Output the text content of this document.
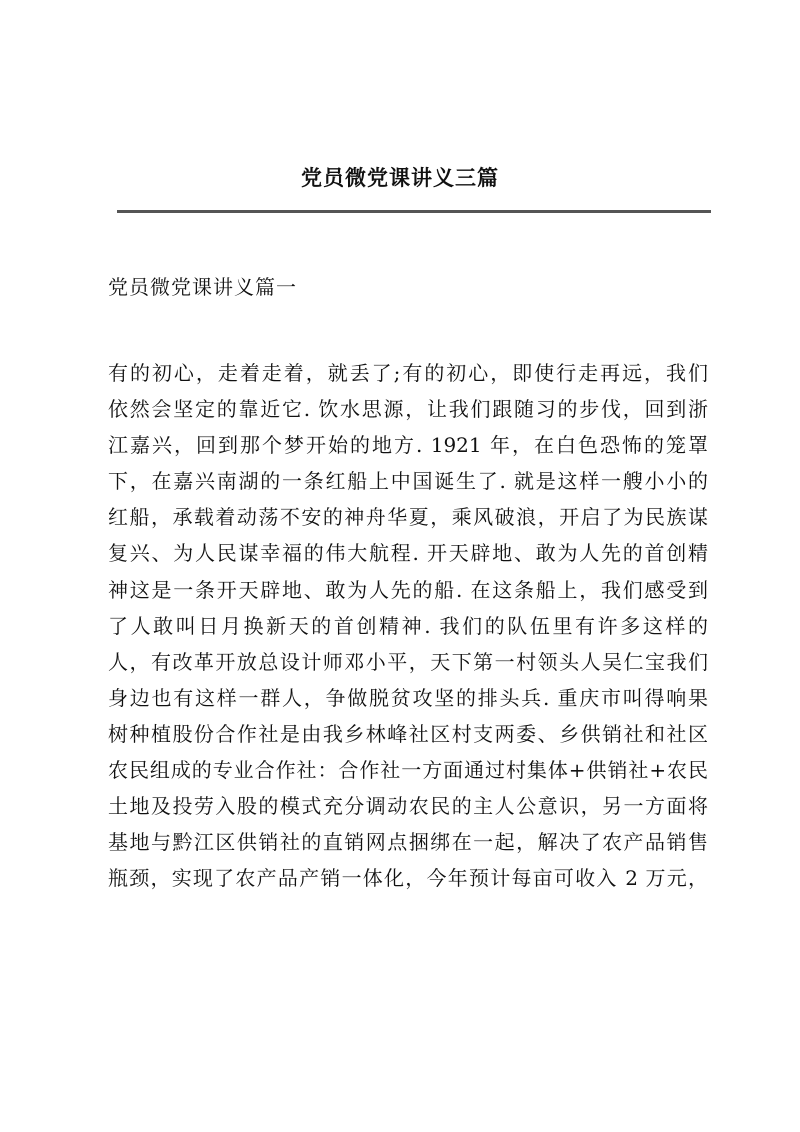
党员微党课讲义三篇
党员微党课讲义篇一
有的初心，走着走着，就丢了;有的初心，即使行走再远，我们
依然会坚定的靠近它. 饮水思源，让我们跟随习的步伐，回到浙
江嘉兴，回到那个梦开始的地方. 1921 年，在白色恐怖的笼罩
下，在嘉兴南湖的一条红船上中国诞生了. 就是这样一艘小小的
红船，承载着动荡不安的神舟华夏，乘风破浪，开启了为民族谋
复兴、为人民谋幸福的伟大航程. 开天辟地、敢为人先的首创精
神这是一条开天辟地、敢为人先的船. 在这条船上，我们感受到
了人敢叫日月换新天的首创精神. 我们的队伍里有许多这样的
人，有改革开放总设计师邓小平，天下第一村领头人吴仁宝我们
身边也有这样一群人，争做脱贫攻坚的排头兵. 重庆市叫得响果
树种植股份合作社是由我乡林峰社区村支两委、乡供销社和社区
农民组成的专业合作社：合作社一方面通过村集体+供销社+农民
土地及投劳入股的模式充分调动农民的主人公意识，另一方面将
基地与黔江区供销社的直销网点捆绑在一起，解决了农产品销售
瓶颈，实现了农产品产销一体化，今年预计每亩可收入 2 万元，
